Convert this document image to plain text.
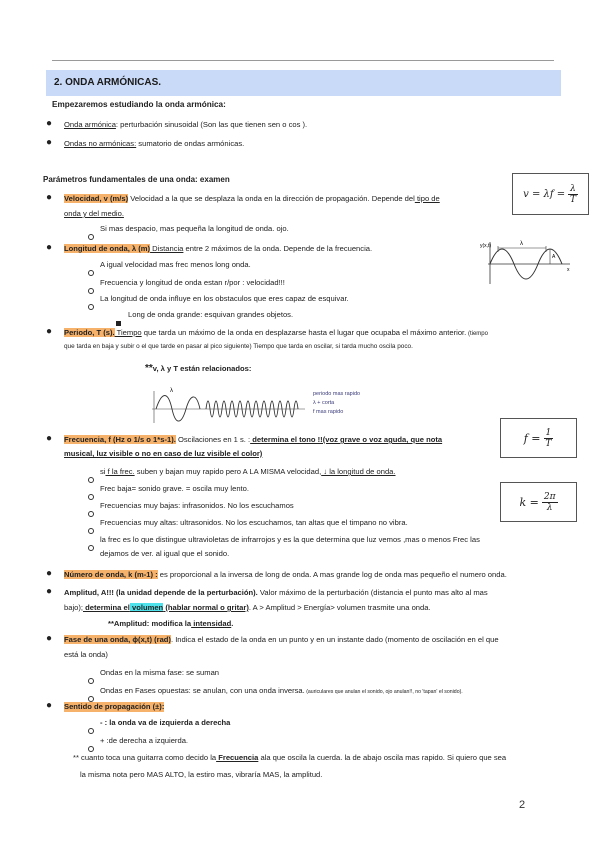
2. ONDA ARMÓNICAS.
Empezaremos estudiando la onda armónica:
● Onda armónica: perturbación sinusoidal (Son las que tienen sen o cos ).
● Ondas no armónicas: sumatorio de ondas armónicas.
Parámetros fundamentales de una onda: examen
● Velocidad, v (m/s) Velocidad a la que se desplaza la onda en la dirección de propagación. Depende del tipo de
onda y del medio.
Si mas despacio, mas pequeña la longitud de onda. ojo.
$v = \lambda f = \frac{\lambda}{T}$
● Longitud de onda, λ (m) Distancia entre 2 máximos de la onda. Depende de la frecuencia.
A igual velocidad mas frec menos long onda.
Frecuencia y longitud de onda estan r/por : velocidad!!!
La longitud de onda influye en los obstaculos que eres capaz de esquivar.
Long de onda grande: esquivan grandes objetos.
y(x,t)	λ
A
x
● Periodo, T (s). Tiempo que tarda un máximo de la onda en desplazarse hasta el lugar que ocupaba el máximo anterior. (tiempo
que tarda en baja y subir o el que tarde en pasar al pico siguiente) Tiempo que tarda en oscilar, si tarda mucho oscila poco.
**v, λ y T están relacionados:
λ	periodo mas rapido
λ + corta
f mas rapido
● Frecuencia, f (Hz o 1/s o 1*s-1). Oscilaciones en 1 s. : determina el tono !!(voz grave o voz aguda, que nota
musical, luz visible o no en caso de luz visible el color)
si f la frec. suben y bajan muy rapido pero A LA MISMA velocidad, ↓ la longitud de onda.
Frec baja= sonido grave. = oscila muy lento.
Frecuencias muy bajas: infrasonidos. No los escuchamos
Frecuencias muy altas: ultrasonidos. No los escuchamos, tan altas que el timpano no vibra.
la frec es lo que distingue ultravioletas de infrarrojos y es la que determina que luz vemos ,mas o menos Frec las
dejamos de ver. al igual que el sonido.
$f = \frac{1}{T}$
$k = \frac{2\pi}{\lambda}$
● Número de onda, k (m-1) : es proporcional a la inversa de long de onda. A mas grande log de onda mas pequeño el numero onda.
● Amplitud, A!!! (la unidad depende de la perturbación). Valor máximo de la perturbación (distancia el punto mas alto al mas
bajo); determina el volumen (hablar normal o gritar). A > Amplitud > Energía> volumen trasmite una onda.
**Amplitud: modifica la intensidad.
● Fase de una onda, ϕ(x,t) (rad). Indica el estado de la onda en un punto y en un instante dado (momento de oscilación en el que
está la onda)
Ondas en la misma fase: se suman
Ondas en Fases opuestas: se anulan, con una onda inversa. (auriculares que anulan el sonido, ojo anulan!!, no 'tapan' el sonido).
● Sentido de propagación (±):
- : la onda va de izquierda a derecha
+ :de derecha a izquierda.
** cuanto toca una guitarra como decido la Frecuencia ala que oscila la cuerda. la de abajo oscila mas rapido. Si quiero que sea
la misma nota pero MAS ALTO, la estiro mas, vibraría MAS, la amplitud.
2
